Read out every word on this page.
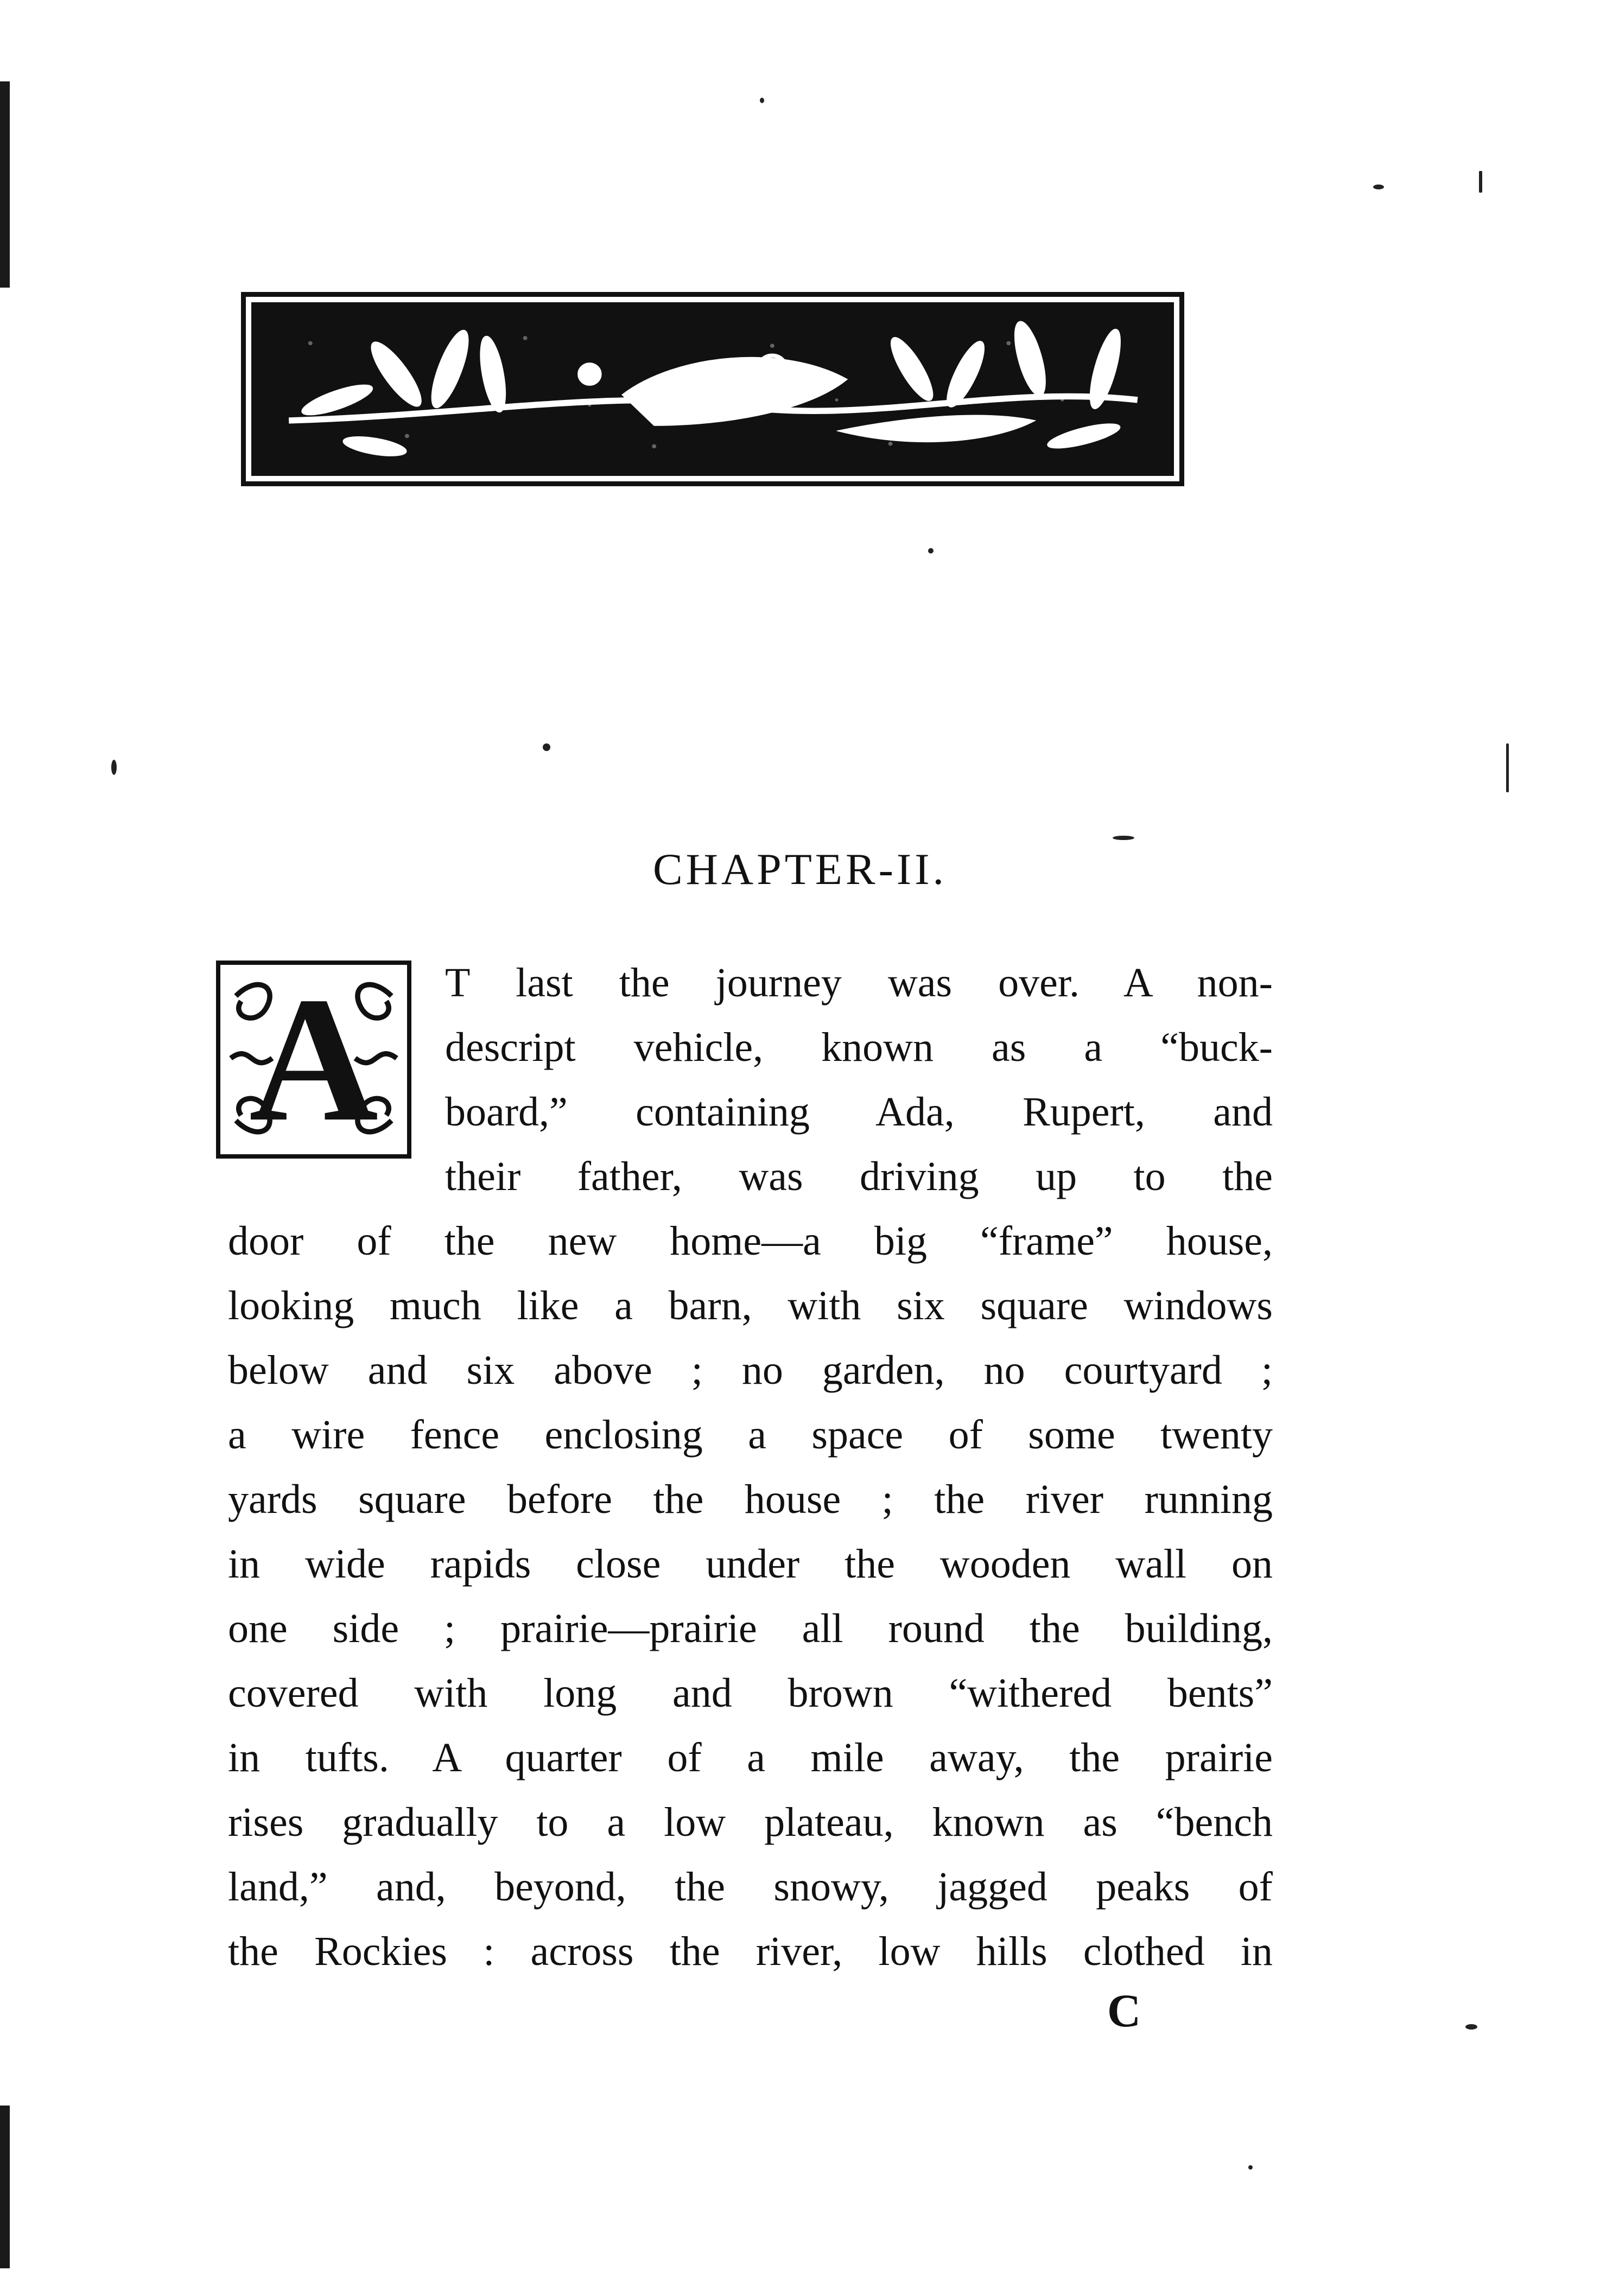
CHAPTER-II.
A	T last the journey was over. A non-
descript vehicle, known as a “buck-
board,” containing Ada, Rupert, and
their father, was driving up to the
door of the new home—a big “frame” house,
looking much like a barn, with six square windows
below and six above ; no garden, no courtyard ;
a wire fence enclosing a space of some twenty
yards square before the house ; the river running
in wide rapids close under the wooden wall on
one side ; prairie—prairie all round the building,
covered with long and brown “withered bents”
in tufts. A quarter of a mile away, the prairie
rises gradually to a low plateau, known as “bench
land,” and, beyond, the snowy, jagged peaks of
the Rockies : across the river, low hills clothed in
C
